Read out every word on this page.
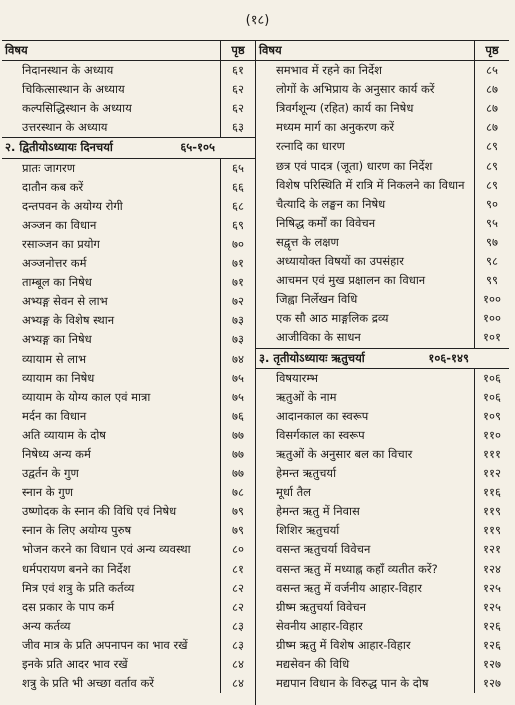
(१८)
विषय	पृष्ठ
निदानस्थान के अध्याय	६१
चिकित्सास्थान के अध्याय	६२
कल्पसिद्धिस्थान के अध्याय	६२
उत्तरस्थान के अध्याय	६३
२. द्वितीयोऽध्यायः दिनचर्या	६५-१०५
प्रातः जागरण	६५
दातौन कब करें	६६
दन्तपवन के अयोग्य रोगी	६८
अञ्जन का विधान	६९
रसाञ्जन का प्रयोग	७०
अञ्जनोत्तर कर्म	७१
ताम्बूल का निषेध	७१
अभ्यङ्ग सेवन से लाभ	७२
अभ्यङ्ग के विशेष स्थान	७३
अभ्यङ्ग का निषेध	७३
व्यायाम से लाभ	७४
व्यायाम का निषेध	७५
व्यायाम के योग्य काल एवं मात्रा	७५
मर्दन का विधान	७६
अति व्यायाम के दोष	७७
निषेध्य अन्य कर्म	७७
उद्वर्तन के गुण	७७
स्नान के गुण	७८
उष्णोदक के स्नान की विधि एवं निषेध	७९
स्नान के लिए अयोग्य पुरुष	७९
भोजन करने का विधान एवं अन्य व्यवस्था	८०
धर्मपरायण बनने का निर्देश	८१
मित्र एवं शत्रु के प्रति कर्तव्य	८२
दस प्रकार के पाप कर्म	८२
अन्य कर्तव्य	८३
जीव मात्र के प्रति अपनापन का भाव रखें	८३
इनके प्रति आदर भाव रखें	८४
शत्रु के प्रति भी अच्छा वर्ताव करें	८४
विषय	पृष्ठ
समभाव में रहने का निर्देश	८५
लोगों के अभिप्राय के अनुसार कार्य करें	८७
त्रिवर्गशून्य (रहित) कार्य का निषेध	८७
मध्यम मार्ग का अनुकरण करें	८७
रत्नादि का धारण	८९
छत्र एवं पादत्र (जूता) धारण का निर्देश	८९
विशेष परिस्थिति में रात्रि में निकलने का विधान	८९
चैत्यादि के लङ्घन का निषेध	९०
निषिद्ध कर्मों का विवेचन	९५
सद्वृत्त के लक्षण	९७
अध्यायोक्त विषयों का उपसंहार	९८
आचमन एवं मुख प्रक्षालन का विधान	९९
जिह्वा निर्लेखन विधि	१००
एक सौ आठ माङ्गलिक द्रव्य	१००
आजीविका के साधन	१०१
३. तृतीयोऽध्यायः ऋतुचर्या	१०६-१४९
विषयारम्भ	१०६
ऋतुओं के नाम	१०६
आदानकाल का स्वरूप	१०९
विसर्गकाल का स्वरूप	११०
ऋतुओं के अनुसार बल का विचार	१११
हेमन्त ऋतुचर्या	११२
मूर्धा तैल	११६
हेमन्त ऋतु में निवास	११९
शिशिर ऋतुचर्या	११९
वसन्त ऋतुचर्या विवेचन	१२१
वसन्त ऋतु में मध्याह्न कहाँ व्यतीत करें?	१२४
वसन्त ऋतु में वर्जनीय आहार-विहार	१२५
ग्रीष्म ऋतुचर्या विवेचन	१२५
सेवनीय आहार-विहार	१२६
ग्रीष्म ऋतु में विशेष आहार-विहार	१२६
मद्यसेवन की विधि	१२७
मद्यपान विधान के विरुद्ध पान के दोष	१२७
